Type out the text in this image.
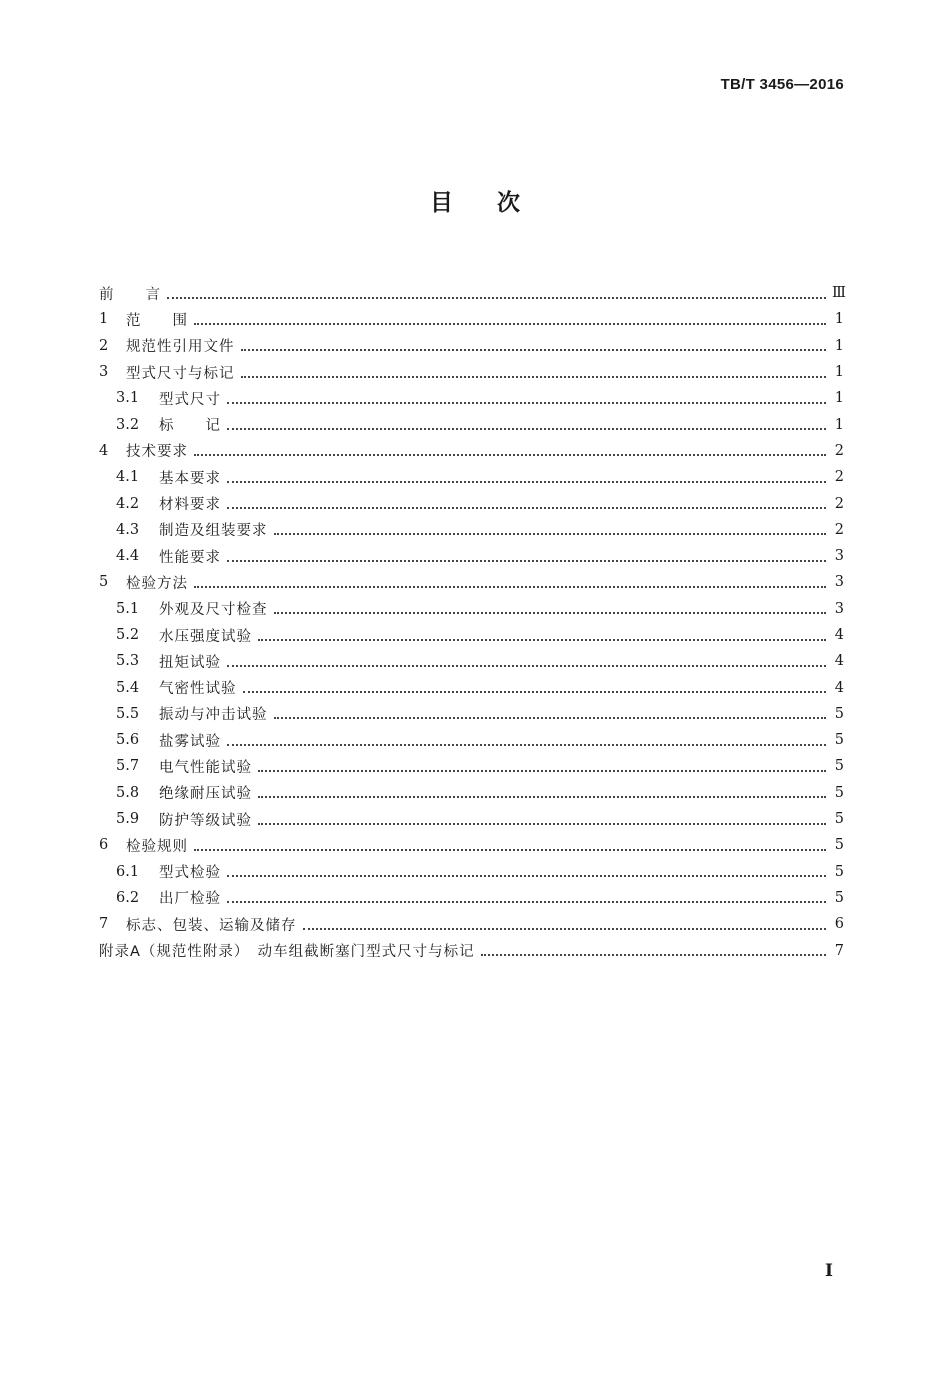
TB/T 3456—2016
目次
前　　言	Ⅲ
1	范　　围	1
2	规范性引用文件	1
3	型式尺寸与标记	1
3.1	型式尺寸	1
3.2	标　　记	1
4	技术要求	2
4.1	基本要求	2
4.2	材料要求	2
4.3	制造及组装要求	2
4.4	性能要求	3
5	检验方法	3
5.1	外观及尺寸检查	3
5.2	水压强度试验	4
5.3	扭矩试验	4
5.4	气密性试验	4
5.5	振动与冲击试验	5
5.6	盐雾试验	5
5.7	电气性能试验	5
5.8	绝缘耐压试验	5
5.9	防护等级试验	5
6	检验规则	5
6.1	型式检验	5
6.2	出厂检验	5
7	标志、包装、运输及储存	6
附录A（规范性附录）　动车组截断塞门型式尺寸与标记	7
Ⅰ
